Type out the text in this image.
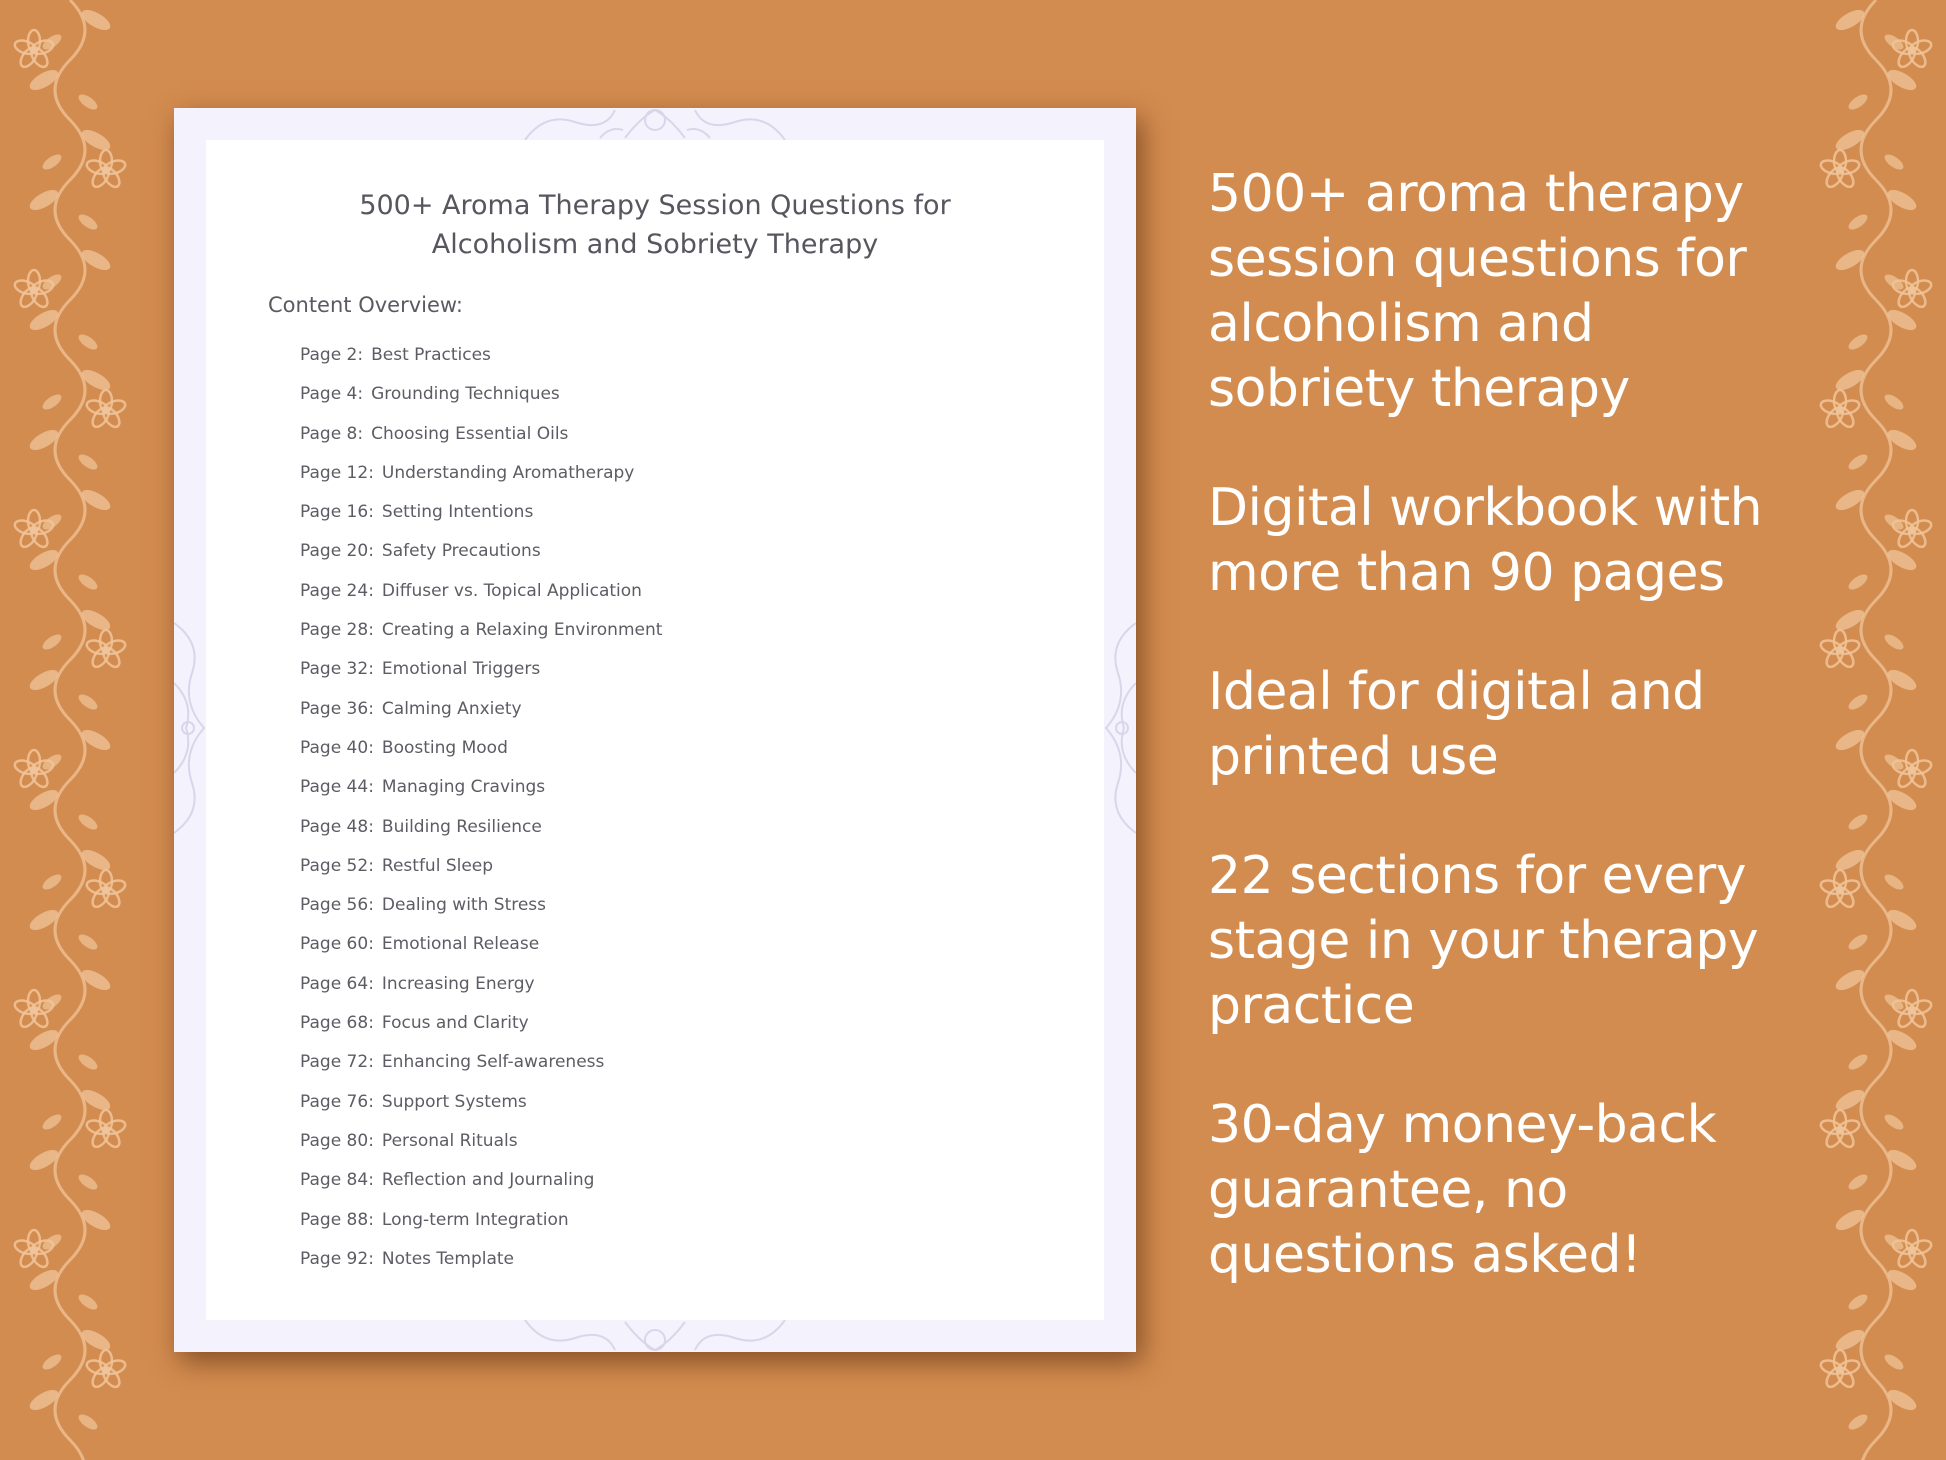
500+ Aroma Therapy Session Questions for
Alcoholism and Sobriety Therapy
Content Overview:
Page 2: Best Practices
Page 4: Grounding Techniques
Page 8: Choosing Essential Oils
Page 12: Understanding Aromatherapy
Page 16: Setting Intentions
Page 20: Safety Precautions
Page 24: Diffuser vs. Topical Application
Page 28: Creating a Relaxing Environment
Page 32: Emotional Triggers
Page 36: Calming Anxiety
Page 40: Boosting Mood
Page 44: Managing Cravings
Page 48: Building Resilience
Page 52: Restful Sleep
Page 56: Dealing with Stress
Page 60: Emotional Release
Page 64: Increasing Energy
Page 68: Focus and Clarity
Page 72: Enhancing Self-awareness
Page 76: Support Systems
Page 80: Personal Rituals
Page 84: Reflection and Journaling
Page 88: Long-term Integration
Page 92: Notes Template
500+ aroma therapy
session questions for
alcoholism and
sobriety therapy
Digital workbook with
more than 90 pages
Ideal for digital and
printed use
22 sections for every
stage in your therapy
practice
30-day money-back
guarantee, no
questions asked!
